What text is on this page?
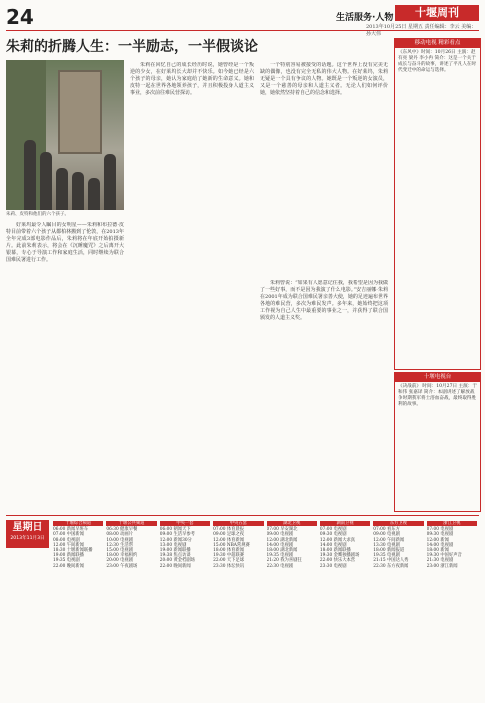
24	生活服务·人物	十堰周刊
2013年10月25日 星期五 责任编辑：李云 美编：孙大伟
朱莉的折腾人生：一半励志，一半假谈论
朱莉、皮特和他们的六个孩子。

好莱坞最令人瞩目的女明星——朱莉和布拉德·皮特目前带着六个孩子从都柏林搬到了伦敦，在2013年全年完成3部电影作品后，朱莉将在年底开始拍摄新片。此前朱莉表示，将会在《沉睡魔咒》之后离开大银幕，专心于导演工作和家庭生活，同时继续为联合国难民署进行工作。

朱莉在回忆自己的成长经历时说，她曾经是一个叛逆的少女，在好莱坞长大却并不快乐。如今她已经是六个孩子的母亲，她认为家庭给了她新的生命意义。她和皮特一起在世界各地领养孩子，并且积极投身人道主义事业，多次前往难民营探访。

一个特别容易被接受的话题。这个世界上没有完美无缺的偶像，也没有完全无私的伟大人物。在好莱坞，朱莉无疑是一个具有争议的人物。她既是一个叛逆的女演员，又是一个慈善的母亲和人道主义者。无论人们如何评价她，她依然坚持着自己的信念和选择。

朱莉曾说：“如果有人愿意记住我，我希望是因为我做了一些好事，而不是因为我演了什么电影。”安吉丽娜·朱莉在2001年成为联合国难民署亲善大使，她的足迹遍布世界各地的难民营，多次为难民发声。多年来，她始终把这项工作视为自己人生中最重要的事业之一，并获得了联合国颁发的人道主义奖。

移动电视 精彩看点
《东风中》时间：10月26日 主演：赵有亮 梁丹 李小冉 简介：这是一个关于成长与奋斗的故事，讲述了平凡人在时代变迁中的命运与选择。
十堰电视台
《决战前》 时间：10月27日 主演：于和伟 张嘉译 简介：本剧讲述了解放战争时期我军将士浴血奋战，最终取得胜利的故事。
星期日
2013年11月3日
十堰综合频道
06:00 新闻早班车
07:00 中国新闻
08:00 电视剧
12:00 午间新闻
18:30 十堰新闻联播
19:00 新闻联播
19:35 电视剧
22:00 晚间新闻
十堰公共频道
06:30 健康早餐
08:00 动画片
10:00 电视剧
12:30 生活帮
15:00 电视剧
18:00 幸福相约
20:00 电视剧
23:00 午夜剧场
中央一套
06:00 朝闻天下
09:00 生活早参考
12:00 新闻30分
13:00 电视剧
19:00 新闻联播
19:38 焦点访谈
20:00 黄金档剧场
22:00 晚间新闻
中央五套
07:00 体育晨报
09:00 足球之夜
12:00 体育新闻
15:00 NBA常规赛
18:00 体育新闻
19:30 中超联赛
22:00 天下足球
23:30 体坛快讯
湖北卫视
07:00 早安湖北
09:00 电视剧
12:00 湖北新闻
14:00 电视剧
18:00 湖北新闻
19:35 电视剧
21:20 我为喜剧狂
22:30 电视剧
湖南卫视
07:00 电视剧
09:30 电视剧
12:00 新闻大求真
14:00 电视剧
18:00 新闻联播
19:30 金鹰独播剧场
22:00 快乐大本营
23:30 电视剧
东方卫视
07:00 看东方
09:00 电视剧
12:00 午间新闻
13:30 电视剧
18:00 新闻报道
19:35 电视剧
21:15 中国达人秀
22:30 东方夜新闻
浙江卫视
07:00 电视剧
09:30 电视剧
12:00 新闻
14:00 电视剧
18:00 新闻
19:30 中国好声音
21:30 电视剧
23:00 浙江新闻
